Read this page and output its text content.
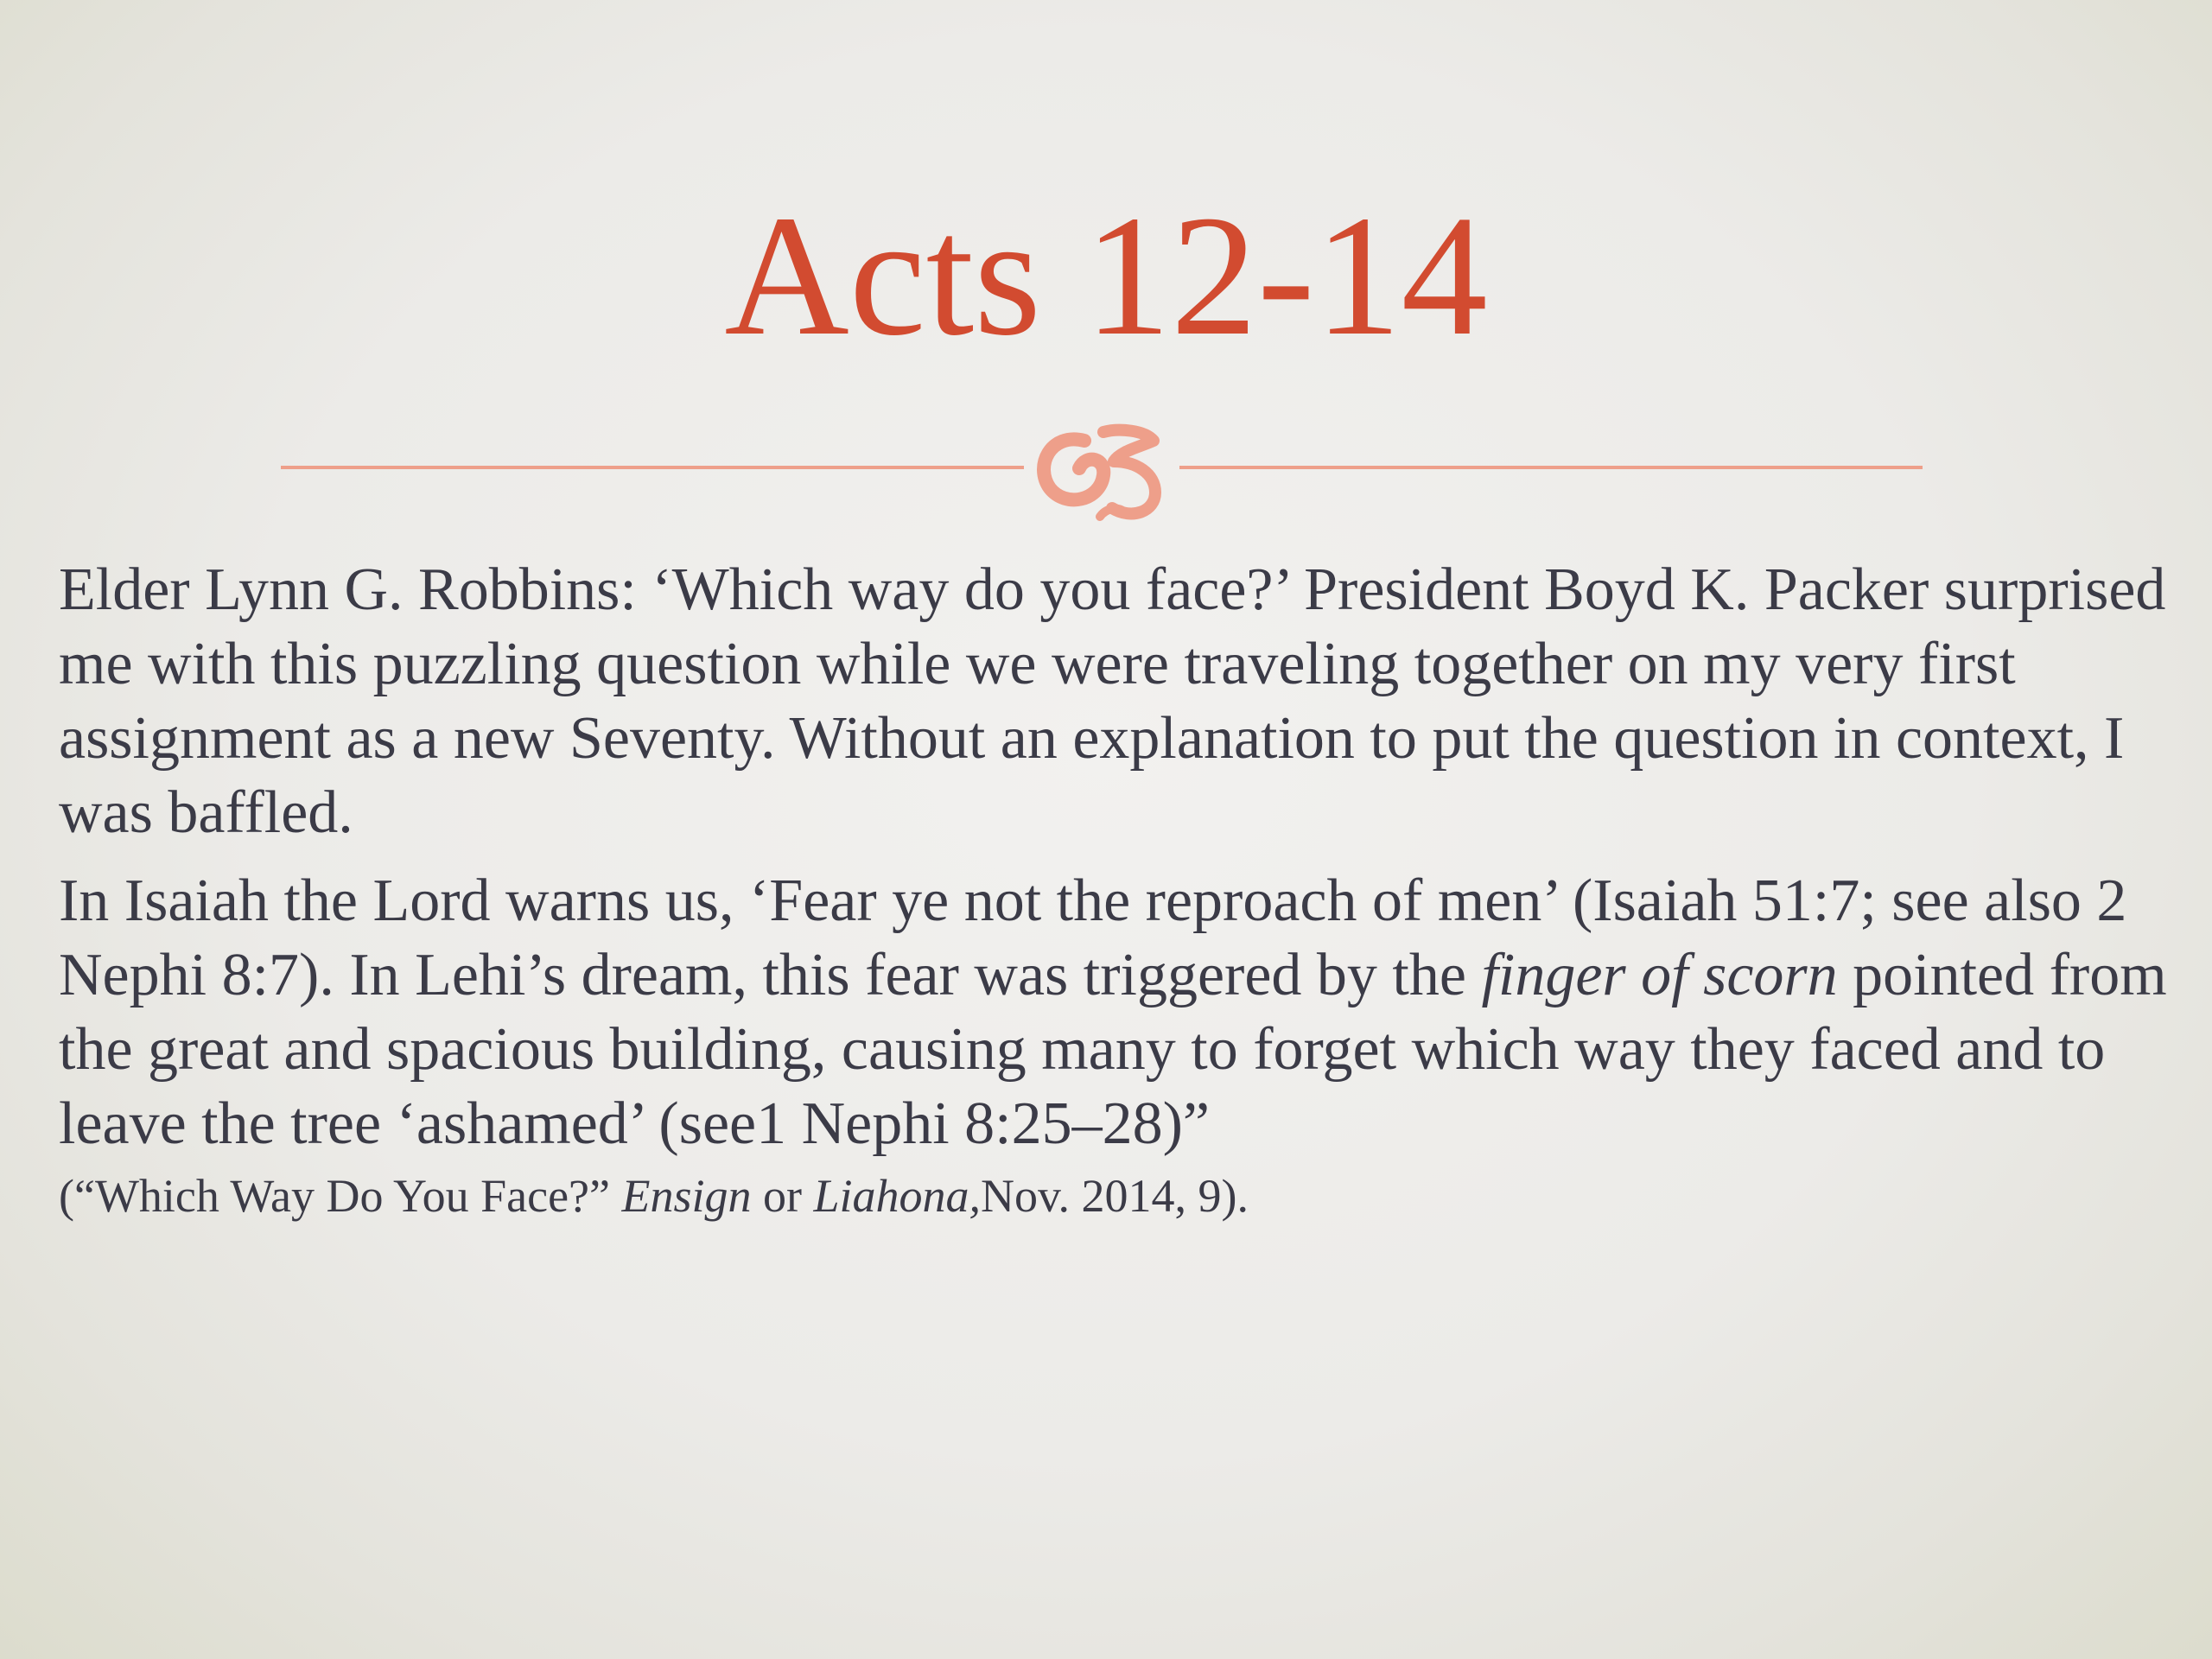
Acts 12-14

Elder Lynn G. Robbins: ‘Which way do you face?’ President Boyd K. Packer surprised me with this puzzling question while we were traveling together on my very first assignment as a new Seventy. Without an explanation to put the question in context, I was baffled.

In Isaiah the Lord warns us, ‘Fear ye not the reproach of men’ (Isaiah 51:7; see also 2 Nephi 8:7). In Lehi’s dream, this fear was triggered by the finger of scorn pointed from the great and spacious building, causing many to forget which way they faced and to leave the tree ‘ashamed’ (see1 Nephi 8:25–28)”
(“Which Way Do You Face?” Ensign or Liahona,Nov. 2014, 9).
